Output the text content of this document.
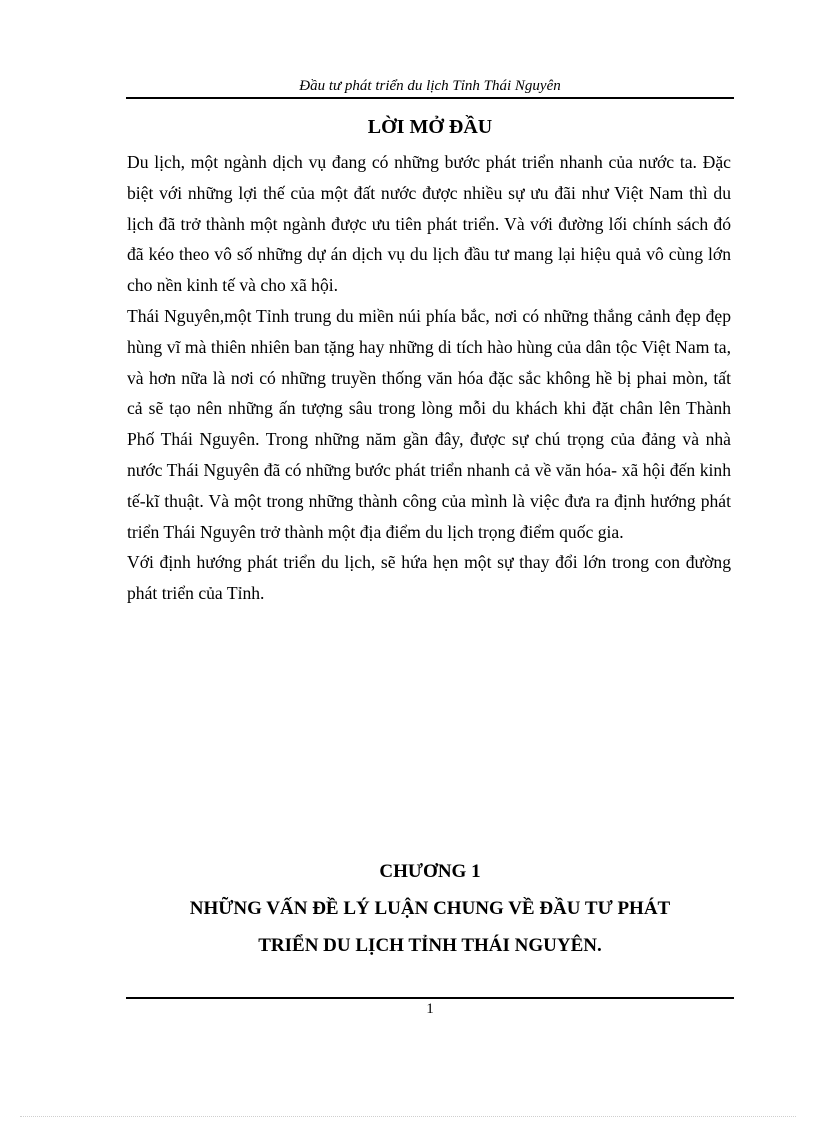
Đầu tư phát triển du lịch Tỉnh Thái Nguyên
LỜI MỞ ĐẦU

Du lịch, một ngành dịch vụ đang có những bước phát triển nhanh của nước ta. Đặc biệt với những lợi thế của một đất nước được nhiều sự ưu đãi như Việt Nam thì du lịch đã trở thành một ngành được ưu tiên phát triển. Và với đường lối chính sách đó đã kéo theo vô số những dự án dịch vụ du lịch đầu tư mang lại hiệu quả vô cùng lớn cho nền kinh tế và cho xã hội.

Thái Nguyên,một Tỉnh trung du miền núi phía bắc, nơi có những thắng cảnh đẹp đẹp hùng vĩ mà thiên nhiên ban tặng hay những di tích hào hùng của dân tộc Việt Nam ta, và hơn nữa là nơi có những truyền thống văn hóa đặc sắc không hề bị phai mòn, tất cả sẽ tạo nên những ấn tượng sâu trong lòng mỗi du khách khi đặt chân lên Thành Phố Thái Nguyên. Trong những năm gần đây, được sự chú trọng của đảng và nhà nước Thái Nguyên đã có những bước phát triển nhanh cả về văn hóa- xã hội đến kinh tế-kĩ thuật. Và một trong những thành công của mình là việc đưa ra định hướng phát triển Thái Nguyên trở thành một địa điểm du lịch trọng điểm quốc gia.

Với định hướng phát triển du lịch, sẽ hứa hẹn một sự thay đổi lớn trong con đường phát triển của Tỉnh.

CHƯƠNG 1
NHỮNG VẤN ĐỀ LÝ LUẬN CHUNG VỀ ĐẦU TƯ PHÁT
TRIỂN DU LỊCH TỈNH THÁI NGUYÊN.
1
